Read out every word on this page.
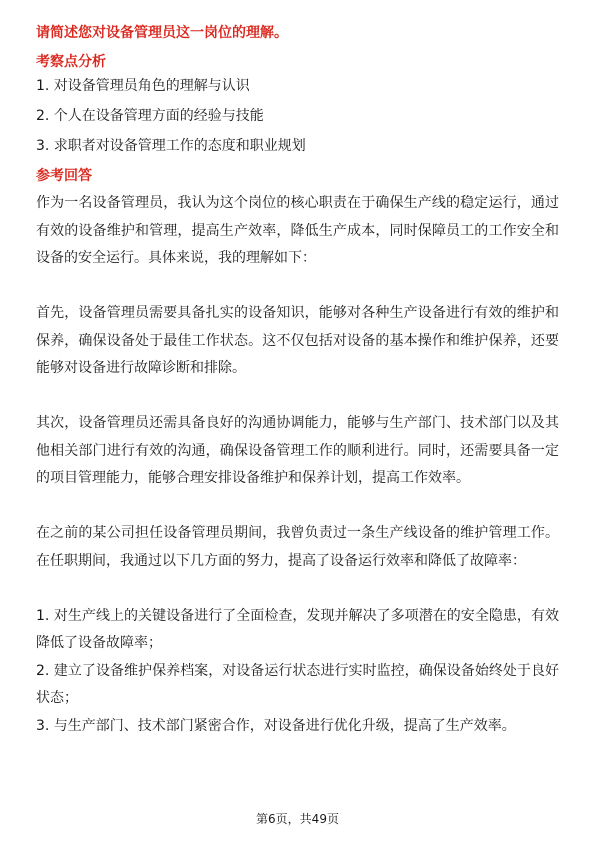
请简述您对设备管理员这一岗位的理解。

考察点分析

1. 对设备管理员角色的理解与认识

2. 个人在设备管理方面的经验与技能

3. 求职者对设备管理工作的态度和职业规划

参考回答

作为一名设备管理员，我认为这个岗位的核心职责在于确保生产线的稳定运行，通过有效的设备维护和管理，提高生产效率，降低生产成本，同时保障员工的工作安全和设备的安全运行。具体来说，我的理解如下：

首先，设备管理员需要具备扎实的设备知识，能够对各种生产设备进行有效的维护和保养，确保设备处于最佳工作状态。这不仅包括对设备的基本操作和维护保养，还要能够对设备进行故障诊断和排除。

其次，设备管理员还需具备良好的沟通协调能力，能够与生产部门、技术部门以及其他相关部门进行有效的沟通，确保设备管理工作的顺利进行。同时，还需要具备一定的项目管理能力，能够合理安排设备维护和保养计划，提高工作效率。

在之前的某公司担任设备管理员期间，我曾负责过一条生产线设备的维护管理工作。在任职期间，我通过以下几方面的努力，提高了设备运行效率和降低了故障率：

1. 对生产线上的关键设备进行了全面检查，发现并解决了多项潜在的安全隐患，有效降低了设备故障率；

2. 建立了设备维护保养档案，对设备运行状态进行实时监控，确保设备始终处于良好状态；

3. 与生产部门、技术部门紧密合作，对设备进行优化升级，提高了生产效率。

第6页，共49页
